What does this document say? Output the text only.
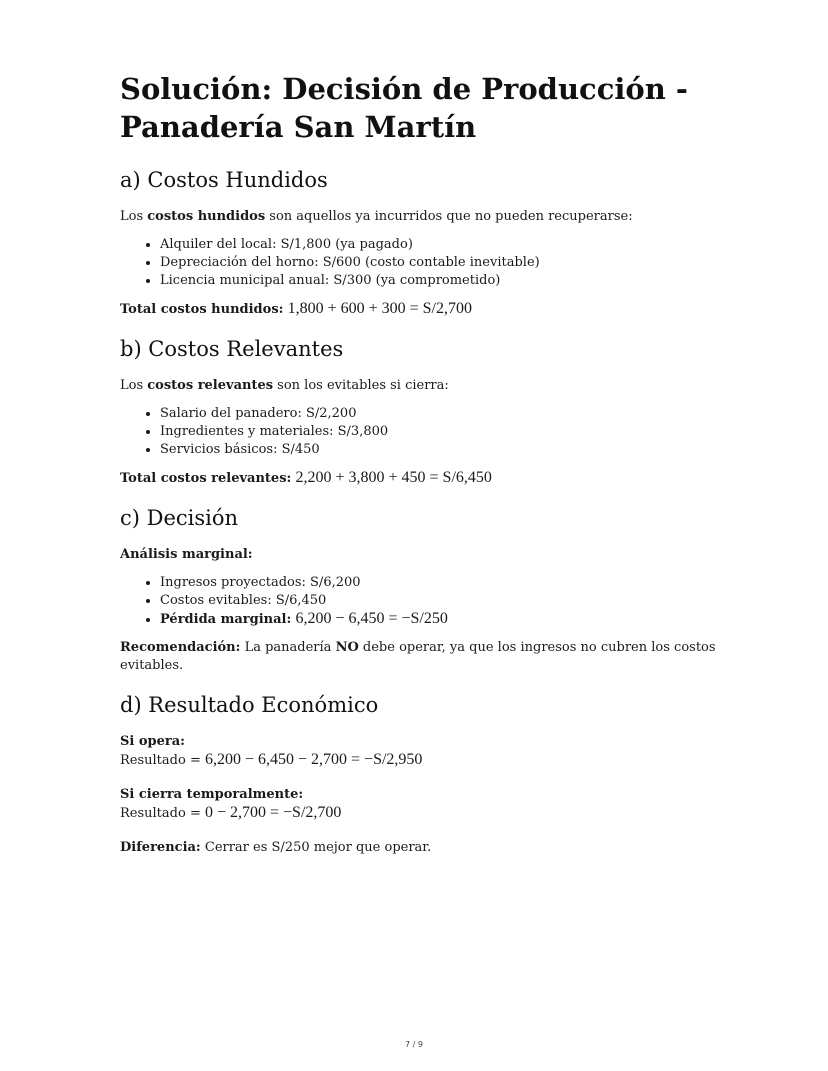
Solución: Decisión de Producción - Panadería San Martín
a) Costos Hundidos

Los costos hundidos son aquellos ya incurridos que no pueden recuperarse:

• Alquiler del local: S/1,800 (ya pagado)
• Depreciación del horno: S/600 (costo contable inevitable)
• Licencia municipal anual: S/300 (ya comprometido)

Total costos hundidos: 1,800 + 600 + 300 = S/2,700

b) Costos Relevantes

Los costos relevantes son los evitables si cierra:

• Salario del panadero: S/2,200
• Ingredientes y materiales: S/3,800
• Servicios básicos: S/450

Total costos relevantes: 2,200 + 3,800 + 450 = S/6,450

c) Decisión

Análisis marginal:

• Ingresos proyectados: S/6,200
• Costos evitables: S/6,450
• Pérdida marginal: 6,200 − 6,450 = −S/250

Recomendación: La panadería NO debe operar, ya que los ingresos no cubren los costos evitables.

d) Resultado Económico

Si opera:

Resultado = 6,200 − 6,450 − 2,700 = −S/2,950

Si cierra temporalmente:

Resultado = 0 − 2,700 = −S/2,700

Diferencia: Cerrar es S/250 mejor que operar.

7 / 9
